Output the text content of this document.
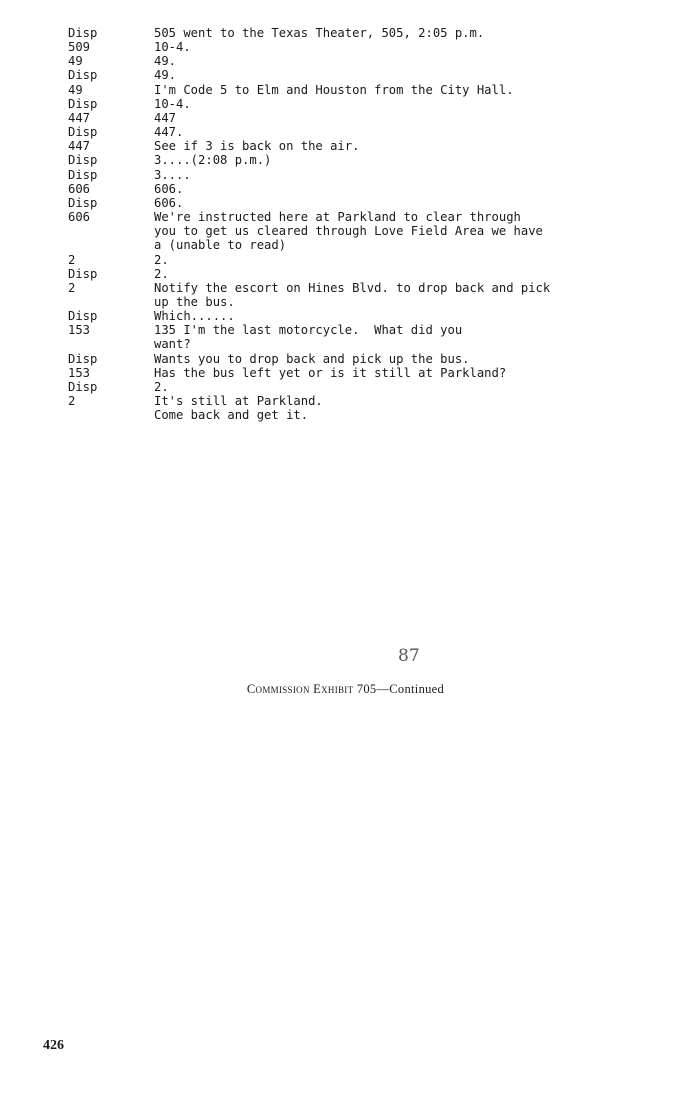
Disp	505 went to the Texas Theater, 505, 2:05 p.m.
509	10-4.
49	49.
Disp	49.
49	I'm Code 5 to Elm and Houston from the City Hall.
Disp	10-4.
447	447
Disp	447.
447	See if 3 is back on the air.
Disp	3....(2:08 p.m.)
Disp	3....
606	606.
Disp	606.
606	We're instructed here at Parkland to clear through
you to get us cleared through Love Field Area we have
a (unable to read)
2	2.
Disp	2.
2	Notify the escort on Hines Blvd. to drop back and pick
up the bus.
Disp	Which......
153	135 I'm the last motorcycle.  What did you
want?
Disp	Wants you to drop back and pick up the bus.
153	Has the bus left yet or is it still at Parkland?
Disp	2.
2	It's still at Parkland.
Come back and get it.
87
Commission Exhibit 705—Continued
426
